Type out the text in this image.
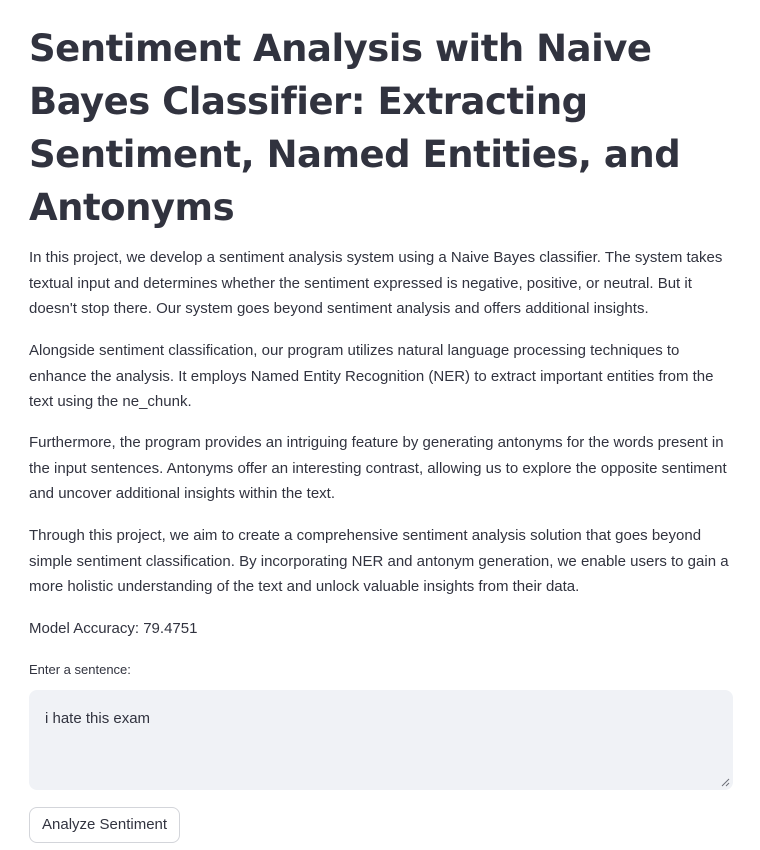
Sentiment Analysis with Naive Bayes Classifier: Extracting Sentiment, Named Entities, and Antonyms

In this project, we develop a sentiment analysis system using a Naive Bayes classifier. The system takes textual input and determines whether the sentiment expressed is negative, positive, or neutral. But it doesn't stop there. Our system goes beyond sentiment analysis and offers additional insights.

Alongside sentiment classification, our program utilizes natural language processing techniques to enhance the analysis. It employs Named Entity Recognition (NER) to extract important entities from the text using the ne_chunk.

Furthermore, the program provides an intriguing feature by generating antonyms for the words present in the input sentences. Antonyms offer an interesting contrast, allowing us to explore the opposite sentiment and uncover additional insights within the text.

Through this project, we aim to create a comprehensive sentiment analysis solution that goes beyond simple sentiment classification. By incorporating NER and antonym generation, we enable users to gain a more holistic understanding of the text and unlock valuable insights from their data.

Model Accuracy: 79.4751
Enter a sentence:
i hate this exam
Analyze Sentiment
